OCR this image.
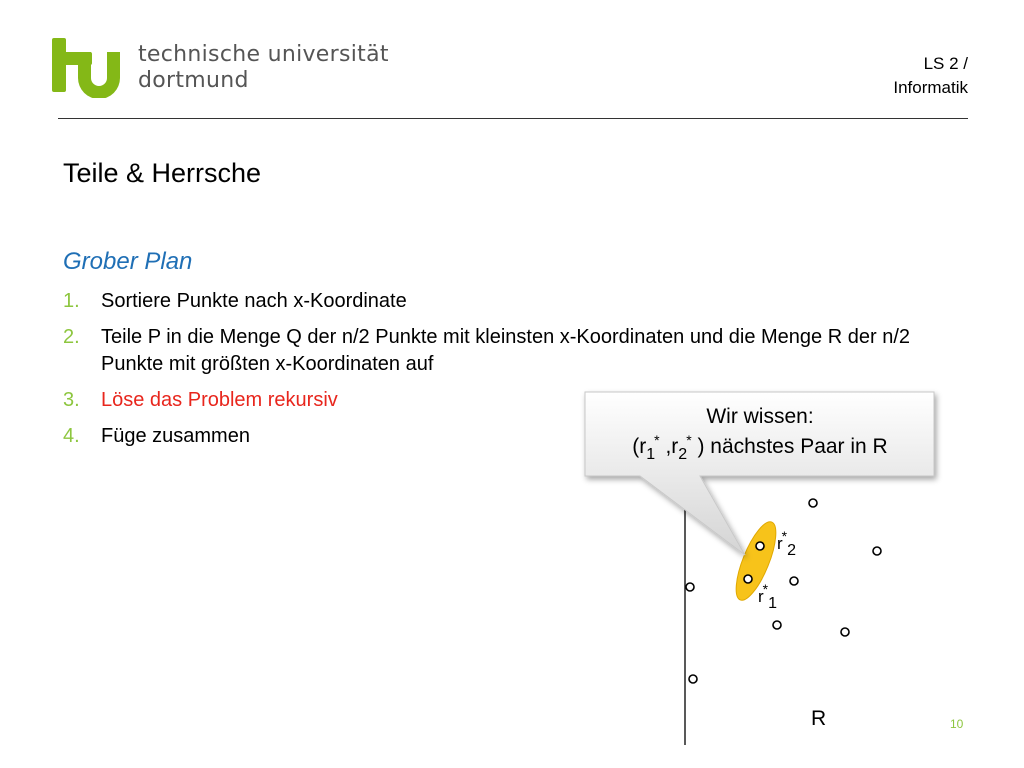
technische universität
dortmund
LS 2 /
Informatik
Teile & Herrsche
Grober Plan
1. Sortiere Punkte nach x-Koordinate
2. Teile P in die Menge Q der n/2 Punkte mit kleinsten x-Koordinaten und die Menge R der n/2 Punkte mit größten x-Koordinaten auf
3. Löse das Problem rekursiv
4. Füge zusammen
Wir wissen:
($r_1^*$ $,r_2^*$ ) nächstes Paar in R
r*2
r*1
R	10
